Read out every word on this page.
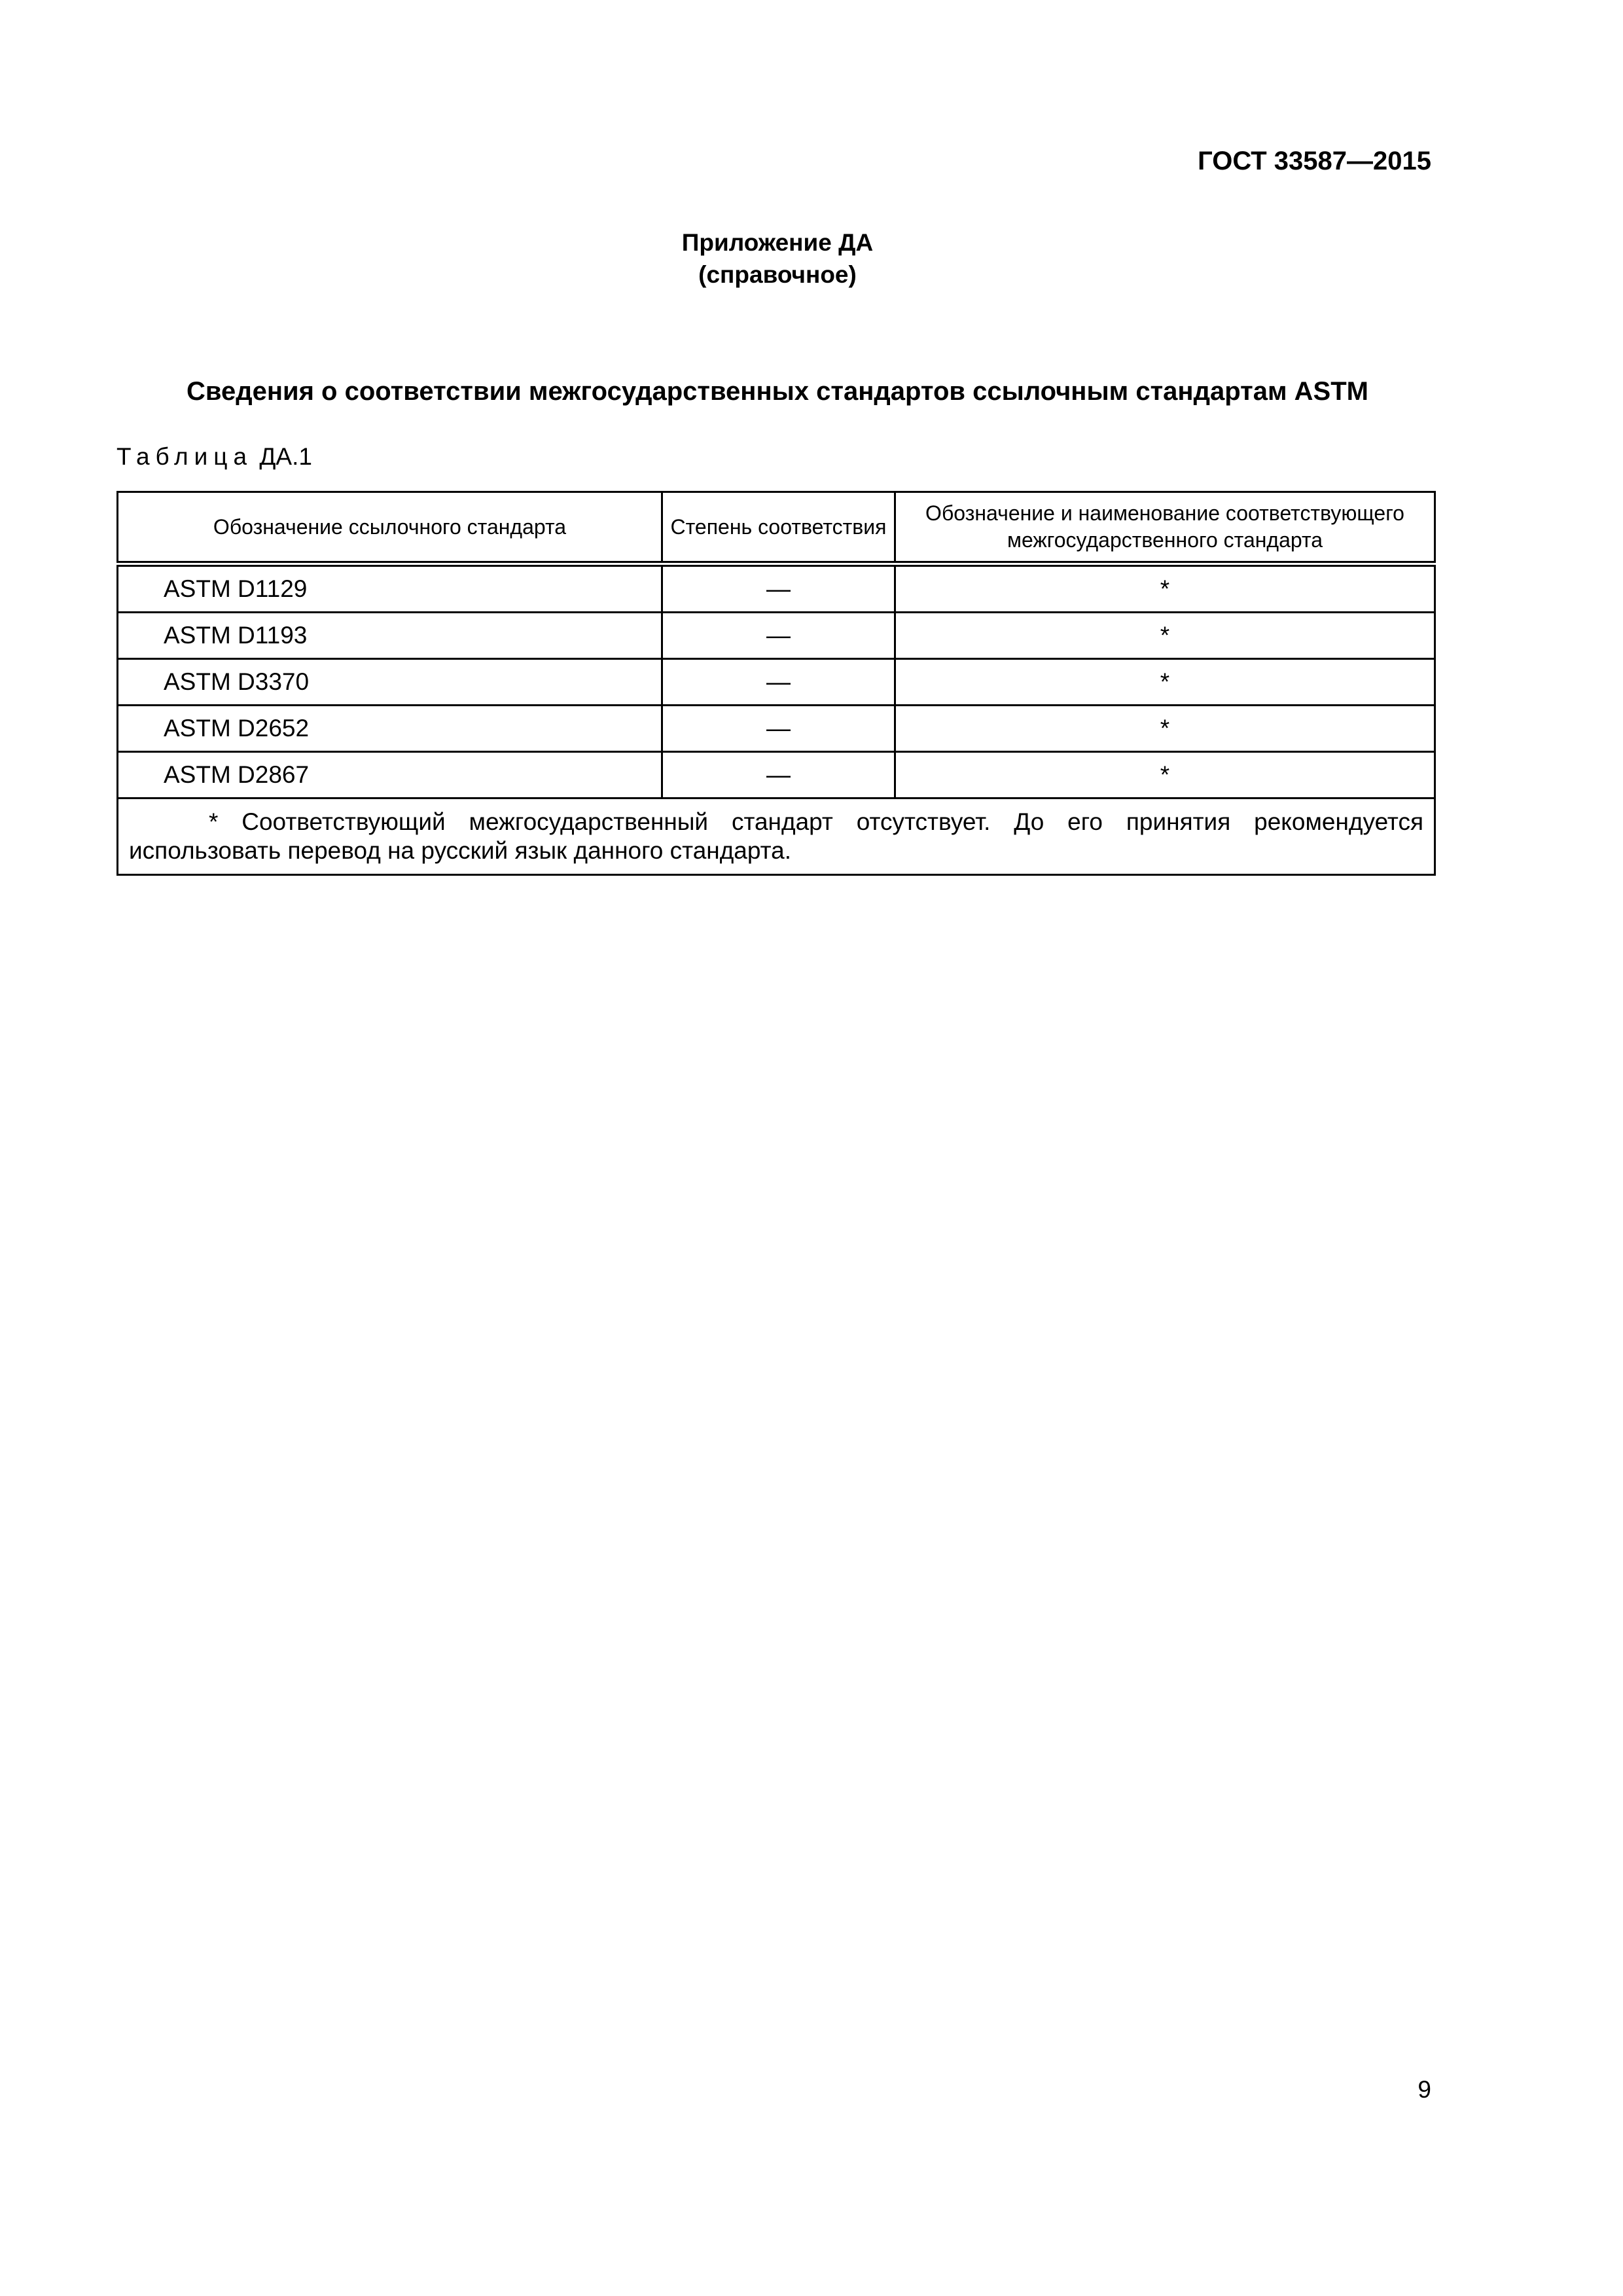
ГОСТ 33587—2015
Приложение ДА
(справочное)
Сведения о соответствии межгосударственных стандартов ссылочным стандартам ASTM
Таблица ДА.1
Обозначение ссылочного стандарта	Степень соответствия	Обозначение и наименование соответствующего межгосударственного стандарта
ASTM D1129	—	*
ASTM D1193	—	*
ASTM D3370	—	*
ASTM D2652	—	*
ASTM D2867	—	*
* Соответствующий межгосударственный стандарт отсутствует. До его принятия рекомендуется использовать перевод на русский язык данного стандарта.		
9
